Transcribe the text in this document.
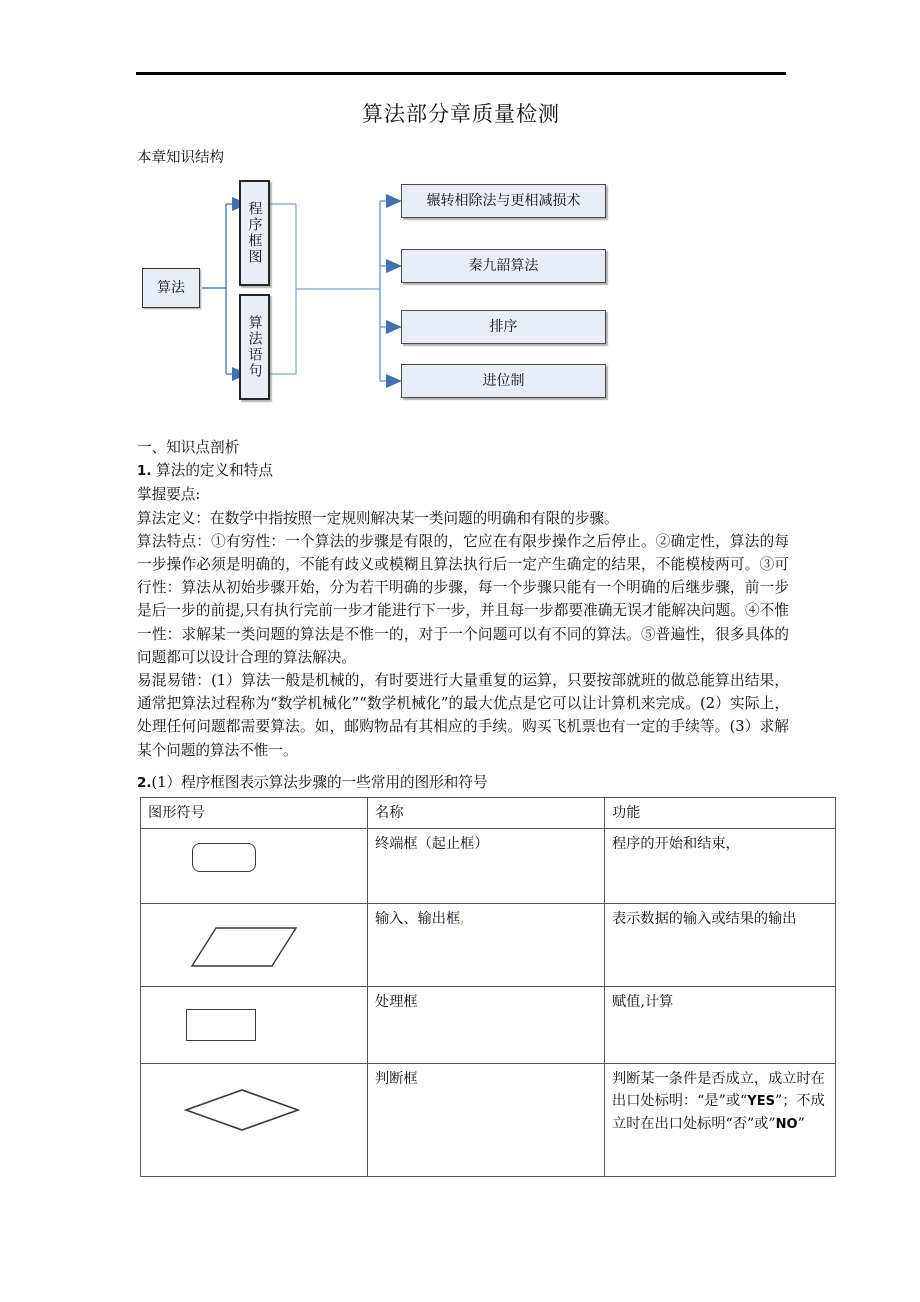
算法部分章质量检测
本章知识结构
算法
程序框图
算法语句
辗转相除法与更相减损术
秦九韶算法
排序
进位制

一、知识点剖析

1. 算法的定义和特点

掌握要点:

算法定义：在数学中指按照一定规则解决某一类问题的明确和有限的步骤。

算法特点：①有穷性：一个算法的步骤是有限的，它应在有限步操作之后停止。②确定性，算法的每一步操作必须是明确的，不能有歧义或模糊且算法执行后一定产生确定的结果，不能模棱两可。③可行性：算法从初始步骤开始，分为若干明确的步骤，每一个步骤只能有一个明确的后继步骤，前一步是后一步的前提,只有执行完前一步才能进行下一步，并且每一步都要准确无误才能解决问题。④不惟一性：求解某一类问题的算法是不惟一的，对于一个问题可以有不同的算法。⑤普遍性，很多具体的问题都可以设计合理的算法解决。

易混易错：(1）算法一般是机械的，有时要进行大量重复的运算，只要按部就班的做总能算出结果，通常把算法过程称为“数学机械化”“数学机械化”的最大优点是它可以让计算机来完成。(2）实际上，处理任何问题都需要算法。如，邮购物品有其相应的手续。购买飞机票也有一定的手续等。(3）求解某个问题的算法不惟一。

2.(1）程序框图表示算法步骤的一些常用的图形和符号
图形符号	名称	功能

	终端框（起止框）	程序的开始和结束，

	输入、输出框,	表示数据的输入或结果的输出

	处理框	赋值,计算

	判断框	判断某一条件是否成立，成立时在出口处标明：“是”或“YES”；不成立时在出口处标明“否”或”NO”
